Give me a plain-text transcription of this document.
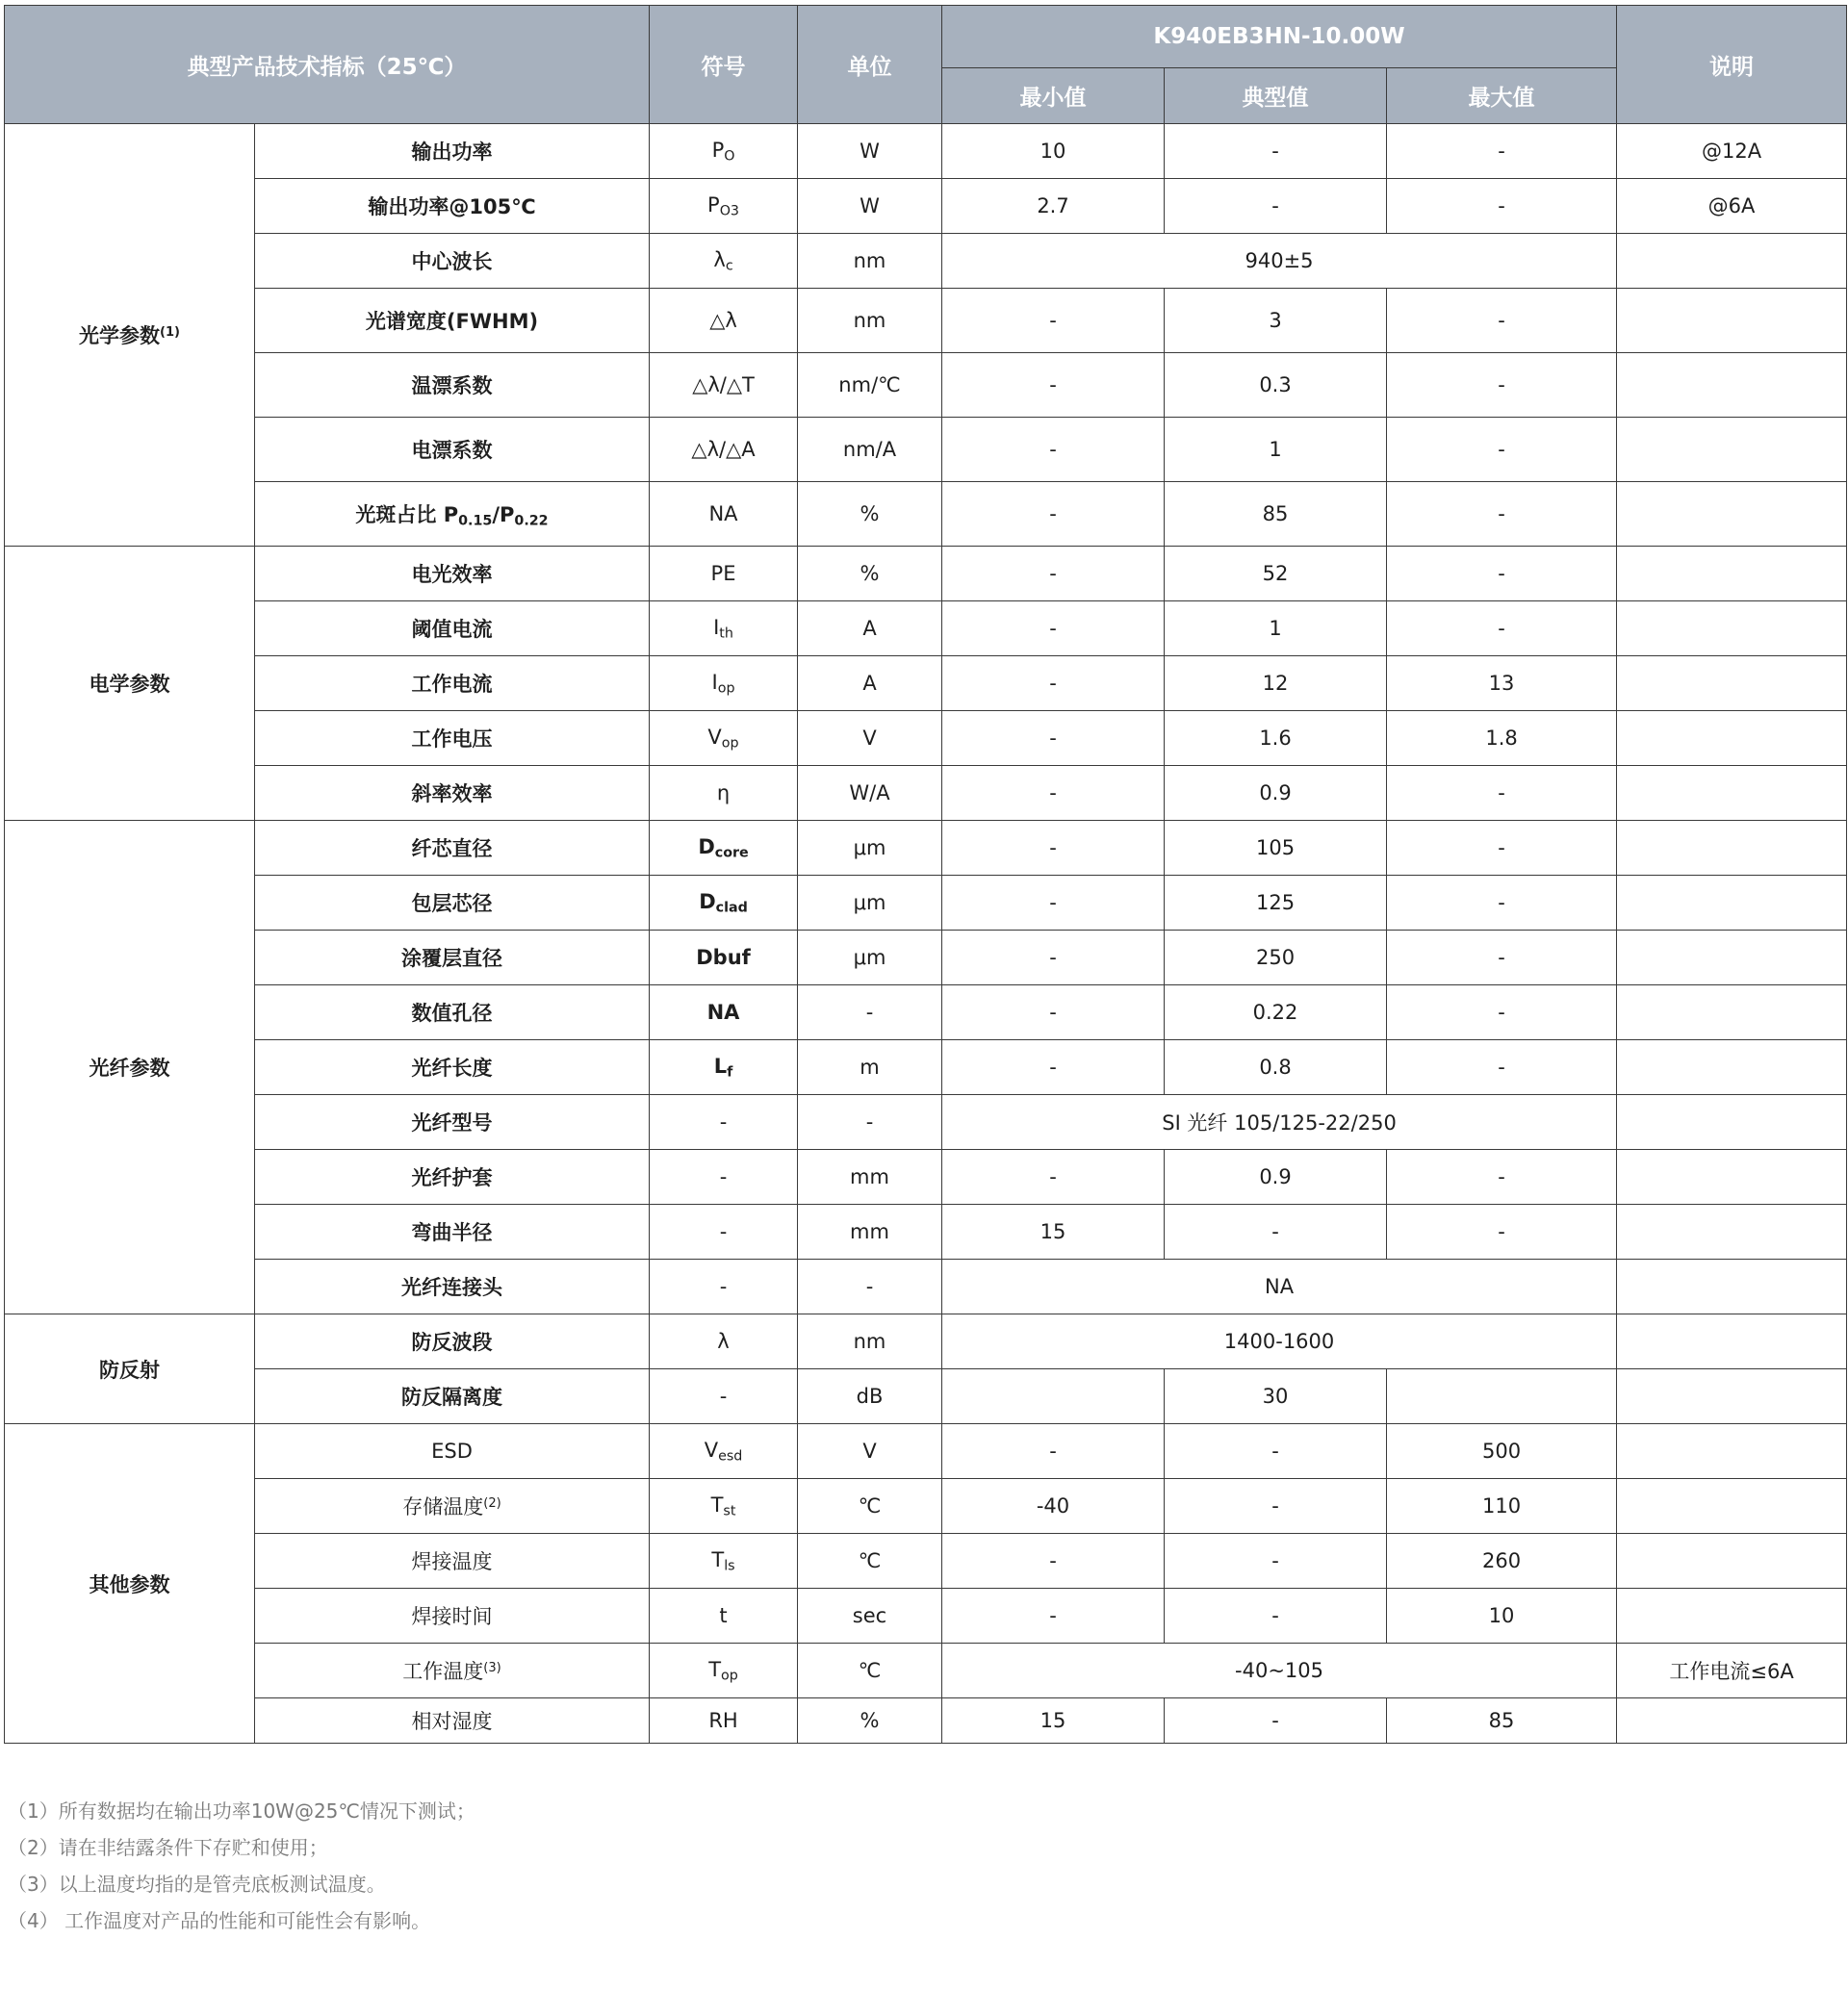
典型产品技术指标（25℃）		符号	单位	K940EB3HN-10.00W			说明
				最小值	典型值	最大值	
光学参数$^{(1)}$	输出功率	$P_O$	W	10	-	-	@12A
	输出功率@105℃	$P_{O3}$	W	2.7	-	-	@6A
	中心波长	$\lambda_c$	nm	940±5			
	光谱宽度(FWHM)	△λ	nm	-	3	-	
	温漂系数	△λ/△T	nm/℃	-	0.3	-	
	电漂系数	△λ/△A	nm/A	-	1	-	
	光斑占比 $P_{0.15}/P_{0.22}$	NA	%	-	85	-	
电学参数	电光效率	PE	%	-	52	-	
	阈值电流	$I_{th}$	A	-	1	-	
	工作电流	$I_{op}$	A	-	12	13	
	工作电压	$V_{op}$	V	-	1.6	1.8	
	斜率效率	η	W/A	-	0.9	-	
光纤参数	纤芯直径	$D_{core}$	μm	-	105	-	
	包层芯径	$D_{clad}$	μm	-	125	-	
	涂覆层直径	Dbuf	μm	-	250	-	
	数值孔径	NA	-	-	0.22	-	
	光纤长度	$L_f$	m	-	0.8	-	
	光纤型号	-	-	SI 光纤 105/125-22/250			
	光纤护套	-	mm	-	0.9	-	
	弯曲半径	-	mm	15	-	-	
	光纤连接头	-	-	NA			
防反射	防反波段	λ	nm	1400-1600			
	防反隔离度	-	dB		30		
其他参数	ESD	$V_{esd}$	V	-	-	500	
	存储温度$^{(2)}$	$T_{st}$	℃	-40	-	110	
	焊接温度	$T_{ls}$	℃	-	-	260	
	焊接时间	t	sec	-	-	10	
	工作温度$^{(3)}$	$T_{op}$	℃	-40~105			工作电流≤6A
	相对湿度	RH	%	15	-	85	
（1）所有数据均在输出功率10W@25℃情况下测试；
（2）请在非结露条件下存贮和使用；
（3）以上温度均指的是管壳底板测试温度。
（4） 工作温度对产品的性能和可能性会有影响。
